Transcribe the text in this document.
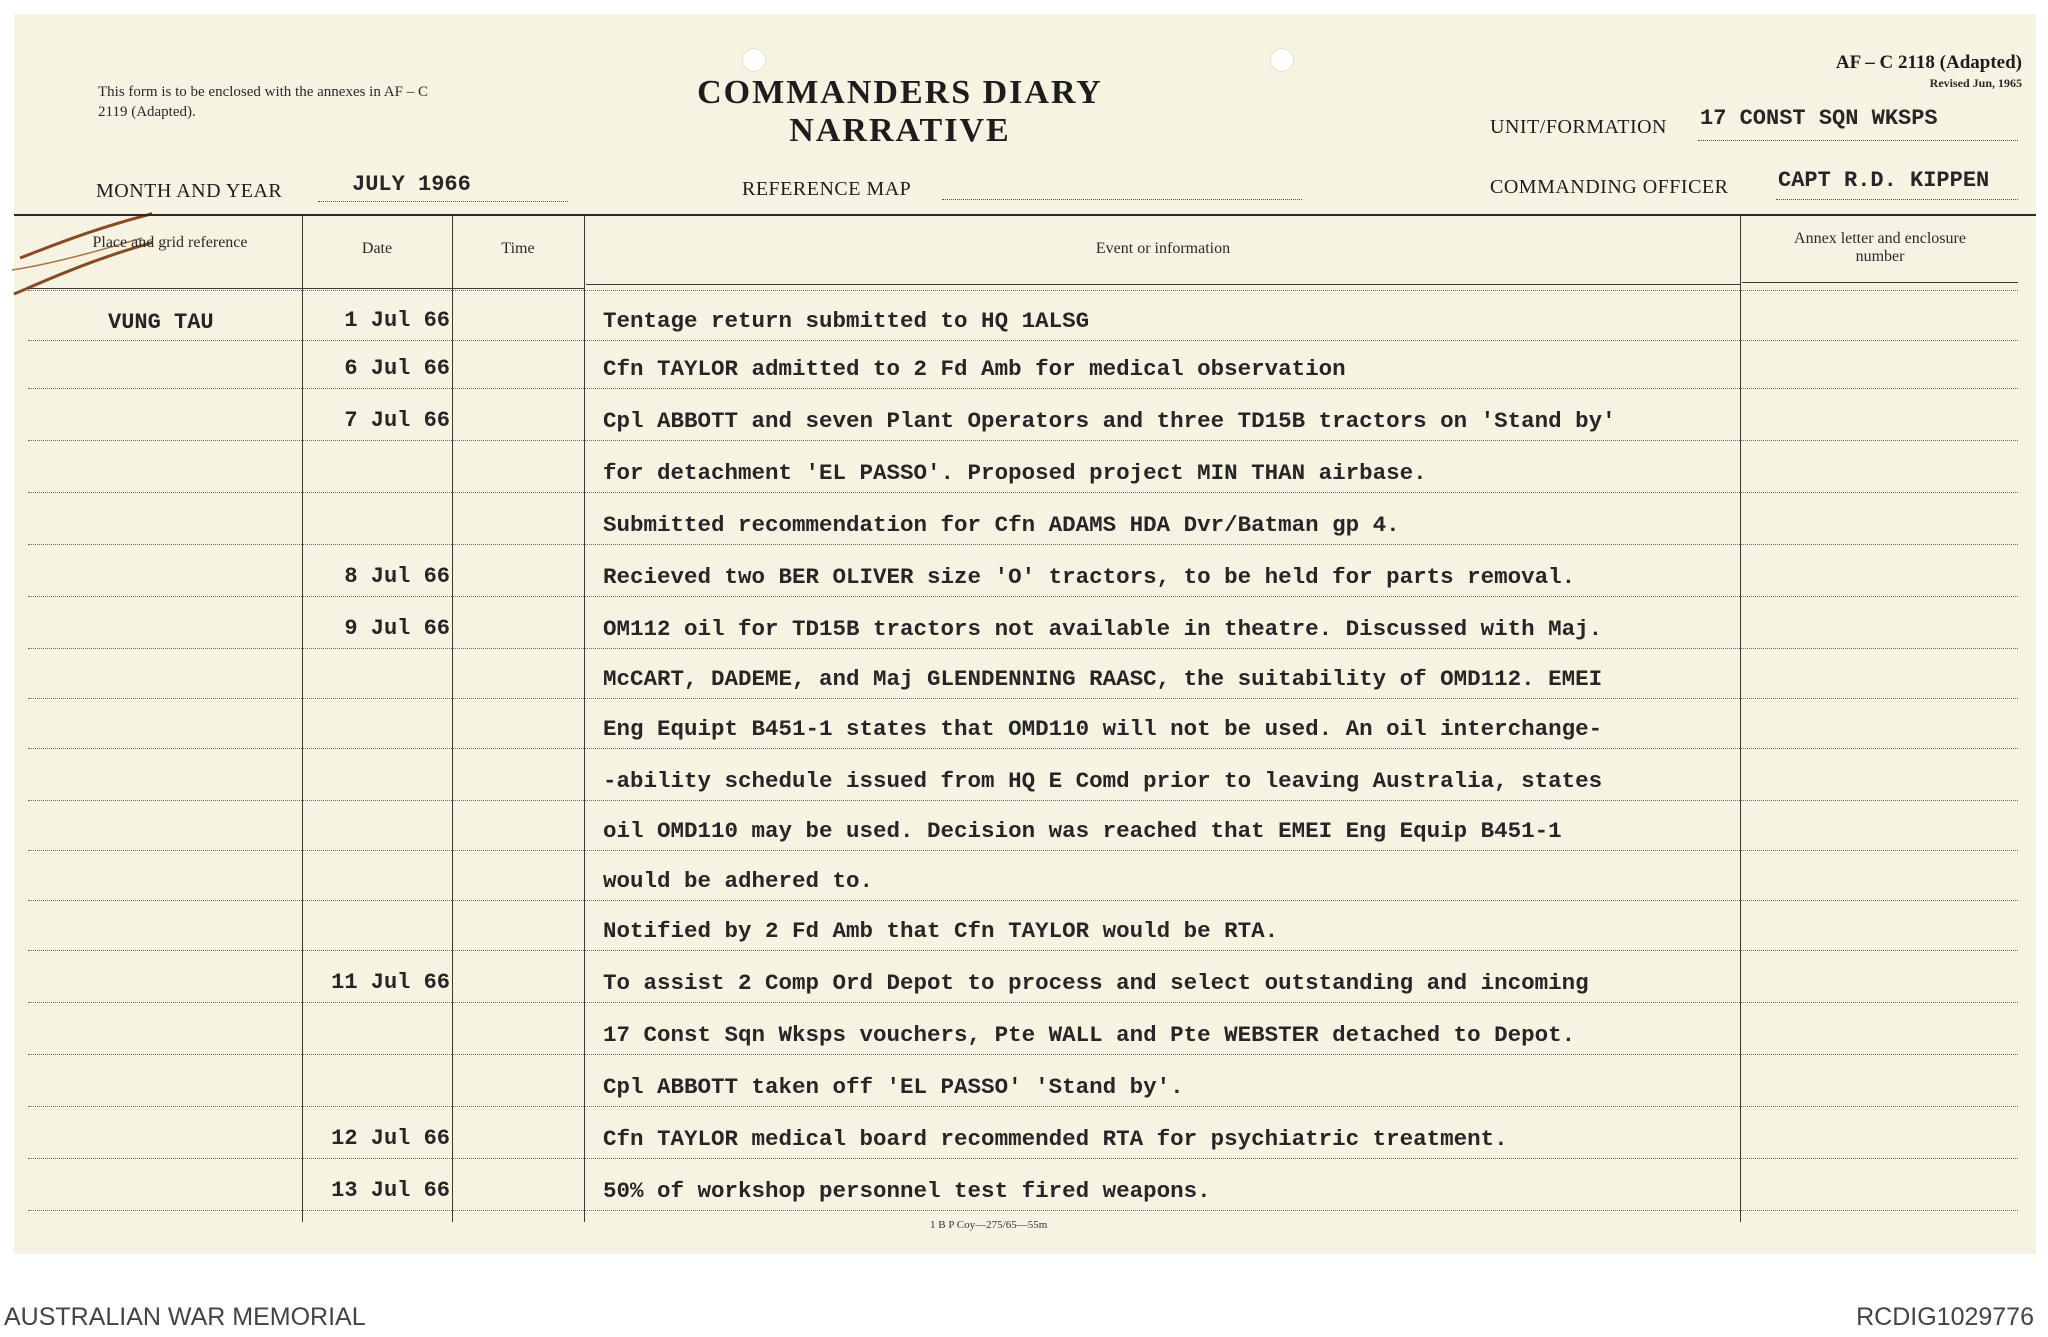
This form is to be enclosed with the annexes in AF – C 2119 (Adapted).
COMMANDERS DIARY NARRATIVE
AF – C 2118 (Adapted)
Revised Jun, 1965
UNIT/FORMATION 17 CONST SQN WKSPS
MONTH AND YEAR	JULY 1966	REFERENCE MAP	COMMANDING OFFICER CAPT R.D. KIPPEN
Place and grid reference	Date	Time	Event or information
Annex letter and enclosure number
VUNG TAU	1 Jul 66	Tentage return submitted to HQ 1ALSG
6 Jul 66	Cfn TAYLOR admitted to 2 Fd Amb for medical observation
7 Jul 66	Cpl ABBOTT and seven Plant Operators and three TD15B tractors on 'Stand by'
for detachment 'EL PASSO'. Proposed project MIN THAN airbase.
Submitted recommendation for Cfn ADAMS HDA Dvr/Batman gp 4.
8 Jul 66	Recieved two BER OLIVER size 'O' tractors, to be held for parts removal.
9 Jul 66	OM112 oil for TD15B tractors not available in theatre. Discussed with Maj.
McCART, DADEME, and Maj GLENDENNING RAASC, the suitability of OMD112. EMEI
Eng Equipt B451-1 states that OMD110 will not be used. An oil interchange-
-ability schedule issued from HQ E Comd prior to leaving Australia, states
oil OMD110 may be used. Decision was reached that EMEI Eng Equip B451-1
would be adhered to.
Notified by 2 Fd Amb that Cfn TAYLOR would be RTA.
11 Jul 66	To assist 2 Comp Ord Depot to process and select outstanding and incoming
17 Const Sqn Wksps vouchers, Pte WALL and Pte WEBSTER detached to Depot.
Cpl ABBOTT taken off 'EL PASSO' 'Stand by'.
12 Jul 66	Cfn TAYLOR medical board recommended RTA for psychiatric treatment.
13 Jul 66	50% of workshop personnel test fired weapons.
1 B P Coy—275/65—55m
AUSTRALIAN WAR MEMORIAL	RCDIG1029776
